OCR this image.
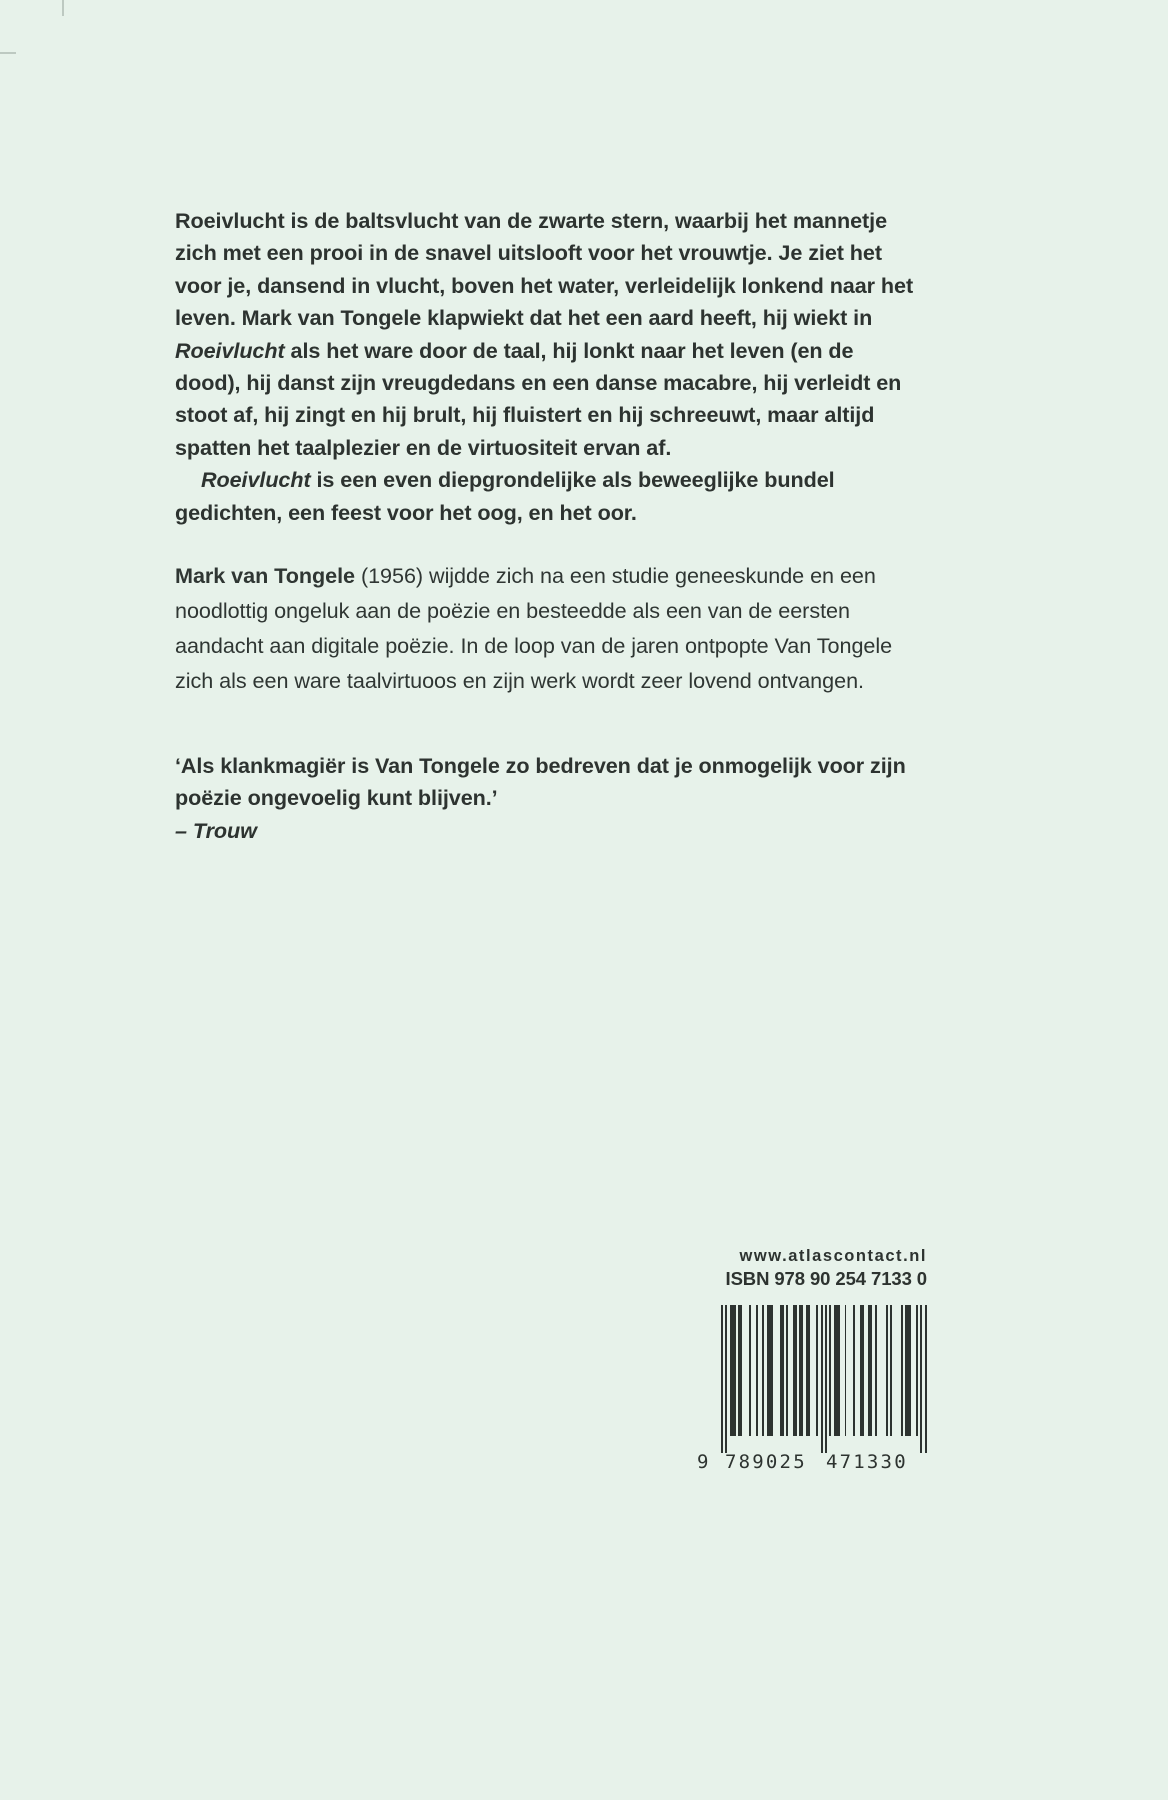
Roeivlucht is de baltsvlucht van de zwarte stern, waarbij het mannetje zich met een prooi in de snavel uitslooft voor het vrouwtje. Je ziet het voor je, dansend in vlucht, boven het water, verleidelijk lonkend naar het leven. Mark van Tongele klapwiekt dat het een aard heeft, hij wiekt in Roeivlucht als het ware door de taal, hij lonkt naar het leven (en de dood), hij danst zijn vreugdedans en een danse macabre, hij verleidt en stoot af, hij zingt en hij brult, hij fluistert en hij schreeuwt, maar altijd spatten het taalplezier en de virtuositeit ervan af.
Roeivlucht is een even diepgrondelijke als beweeglijke bundel gedichten, een feest voor het oog, en het oor.
Mark van Tongele (1956) wijdde zich na een studie geneeskunde en een noodlottig ongeluk aan de poëzie en besteedde als een van de eersten aandacht aan digitale poëzie. In de loop van de jaren ontpopte Van Tongele zich als een ware taalvirtuoos en zijn werk wordt zeer lovend ontvangen.
‘Als klankmagiër is Van Tongele zo bedreven dat je onmogelijk voor zijn poëzie ongevoelig kunt blijven.’
– Trouw
www.atlascontact.nl
ISBN 978 90 254 7133 0
9 789025 471330
